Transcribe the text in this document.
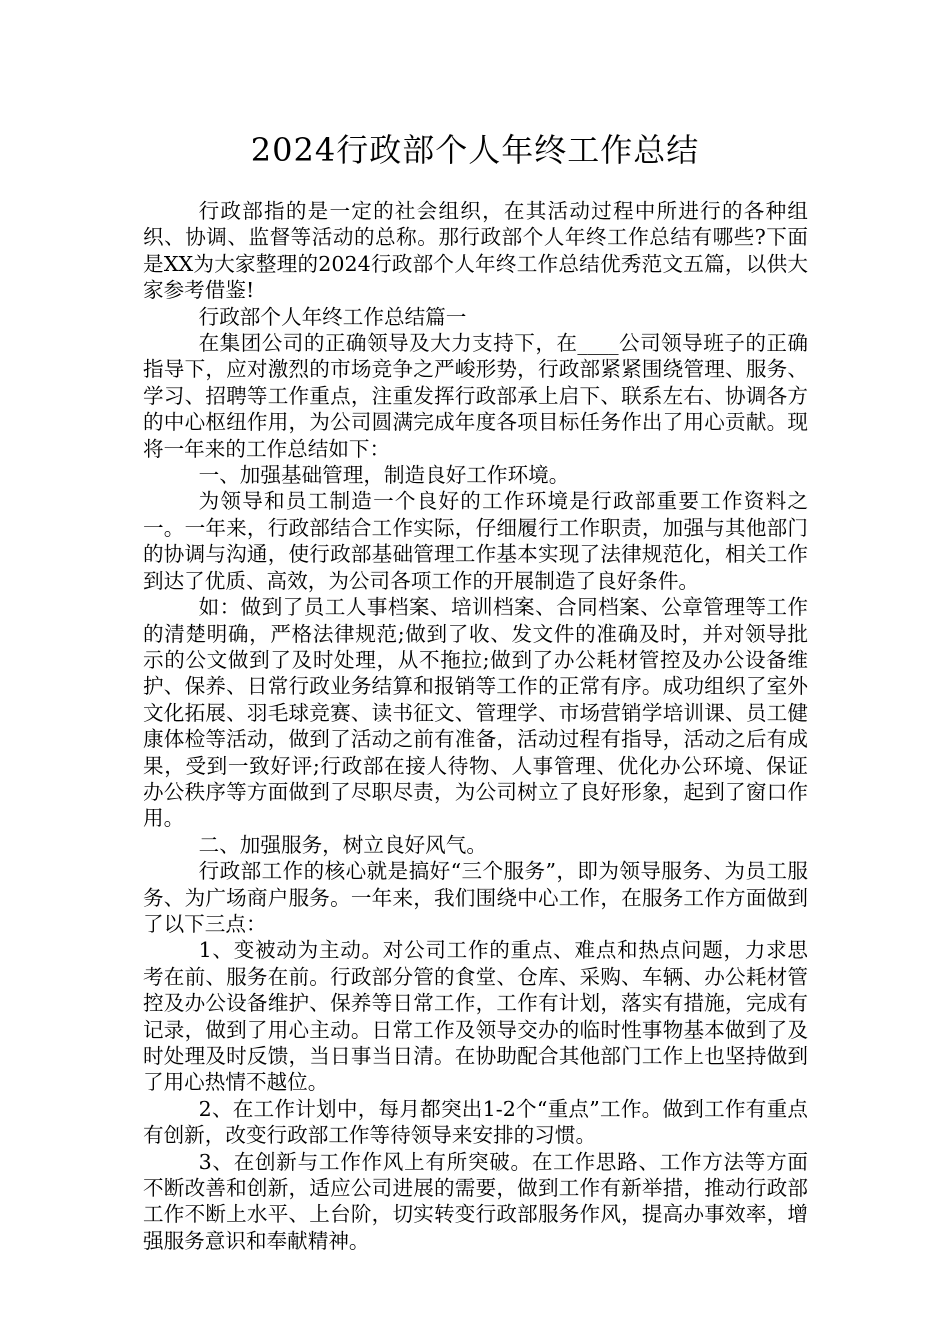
2024行政部个人年终工作总结

行政部指的是一定的社会组织，在其活动过程中所进行的各种组织、协调、监督等活动的总称。那行政部个人年终工作总结有哪些?下面是XX为大家整理的2024行政部个人年终工作总结优秀范文五篇，以供大家参考借鉴!

行政部个人年终工作总结篇一

在集团公司的正确领导及大力支持下，在____公司领导班子的正确指导下，应对激烈的市场竞争之严峻形势，行政部紧紧围绕管理、服务、学习、招聘等工作重点，注重发挥行政部承上启下、联系左右、协调各方的中心枢纽作用，为公司圆满完成年度各项目标任务作出了用心贡献。现将一年来的工作总结如下：

一、加强基础管理，制造良好工作环境。

为领导和员工制造一个良好的工作环境是行政部重要工作资料之一。一年来，行政部结合工作实际，仔细履行工作职责，加强与其他部门的协调与沟通，使行政部基础管理工作基本实现了法律规范化，相关工作到达了优质、高效，为公司各项工作的开展制造了良好条件。

如：做到了员工人事档案、培训档案、合同档案、公章管理等工作的清楚明确，严格法律规范;做到了收、发文件的准确及时，并对领导批示的公文做到了及时处理，从不拖拉;做到了办公耗材管控及办公设备维护、保养、日常行政业务结算和报销等工作的正常有序。成功组织了室外文化拓展、羽毛球竞赛、读书征文、管理学、市场营销学培训课、员工健康体检等活动，做到了活动之前有准备，活动过程有指导，活动之后有成果，受到一致好评;行政部在接人待物、人事管理、优化办公环境、保证办公秩序等方面做到了尽职尽责，为公司树立了良好形象，起到了窗口作用。

二、加强服务，树立良好风气。

行政部工作的核心就是搞好“三个服务”，即为领导服务、为员工服务、为广场商户服务。一年来，我们围绕中心工作，在服务工作方面做到了以下三点：

1、变被动为主动。对公司工作的重点、难点和热点问题，力求思考在前、服务在前。行政部分管的食堂、仓库、采购、车辆、办公耗材管控及办公设备维护、保养等日常工作，工作有计划，落实有措施，完成有记录，做到了用心主动。日常工作及领导交办的临时性事物基本做到了及时处理及时反馈，当日事当日清。在协助配合其他部门工作上也坚持做到了用心热情不越位。

2、在工作计划中，每月都突出1-2个“重点”工作。做到工作有重点有创新，改变行政部工作等待领导来安排的习惯。

3、在创新与工作作风上有所突破。在工作思路、工作方法等方面不断改善和创新，适应公司进展的需要，做到工作有新举措，推动行政部工作不断上水平、上台阶，切实转变行政部服务作风，提高办事效率，增强服务意识和奉献精神。
